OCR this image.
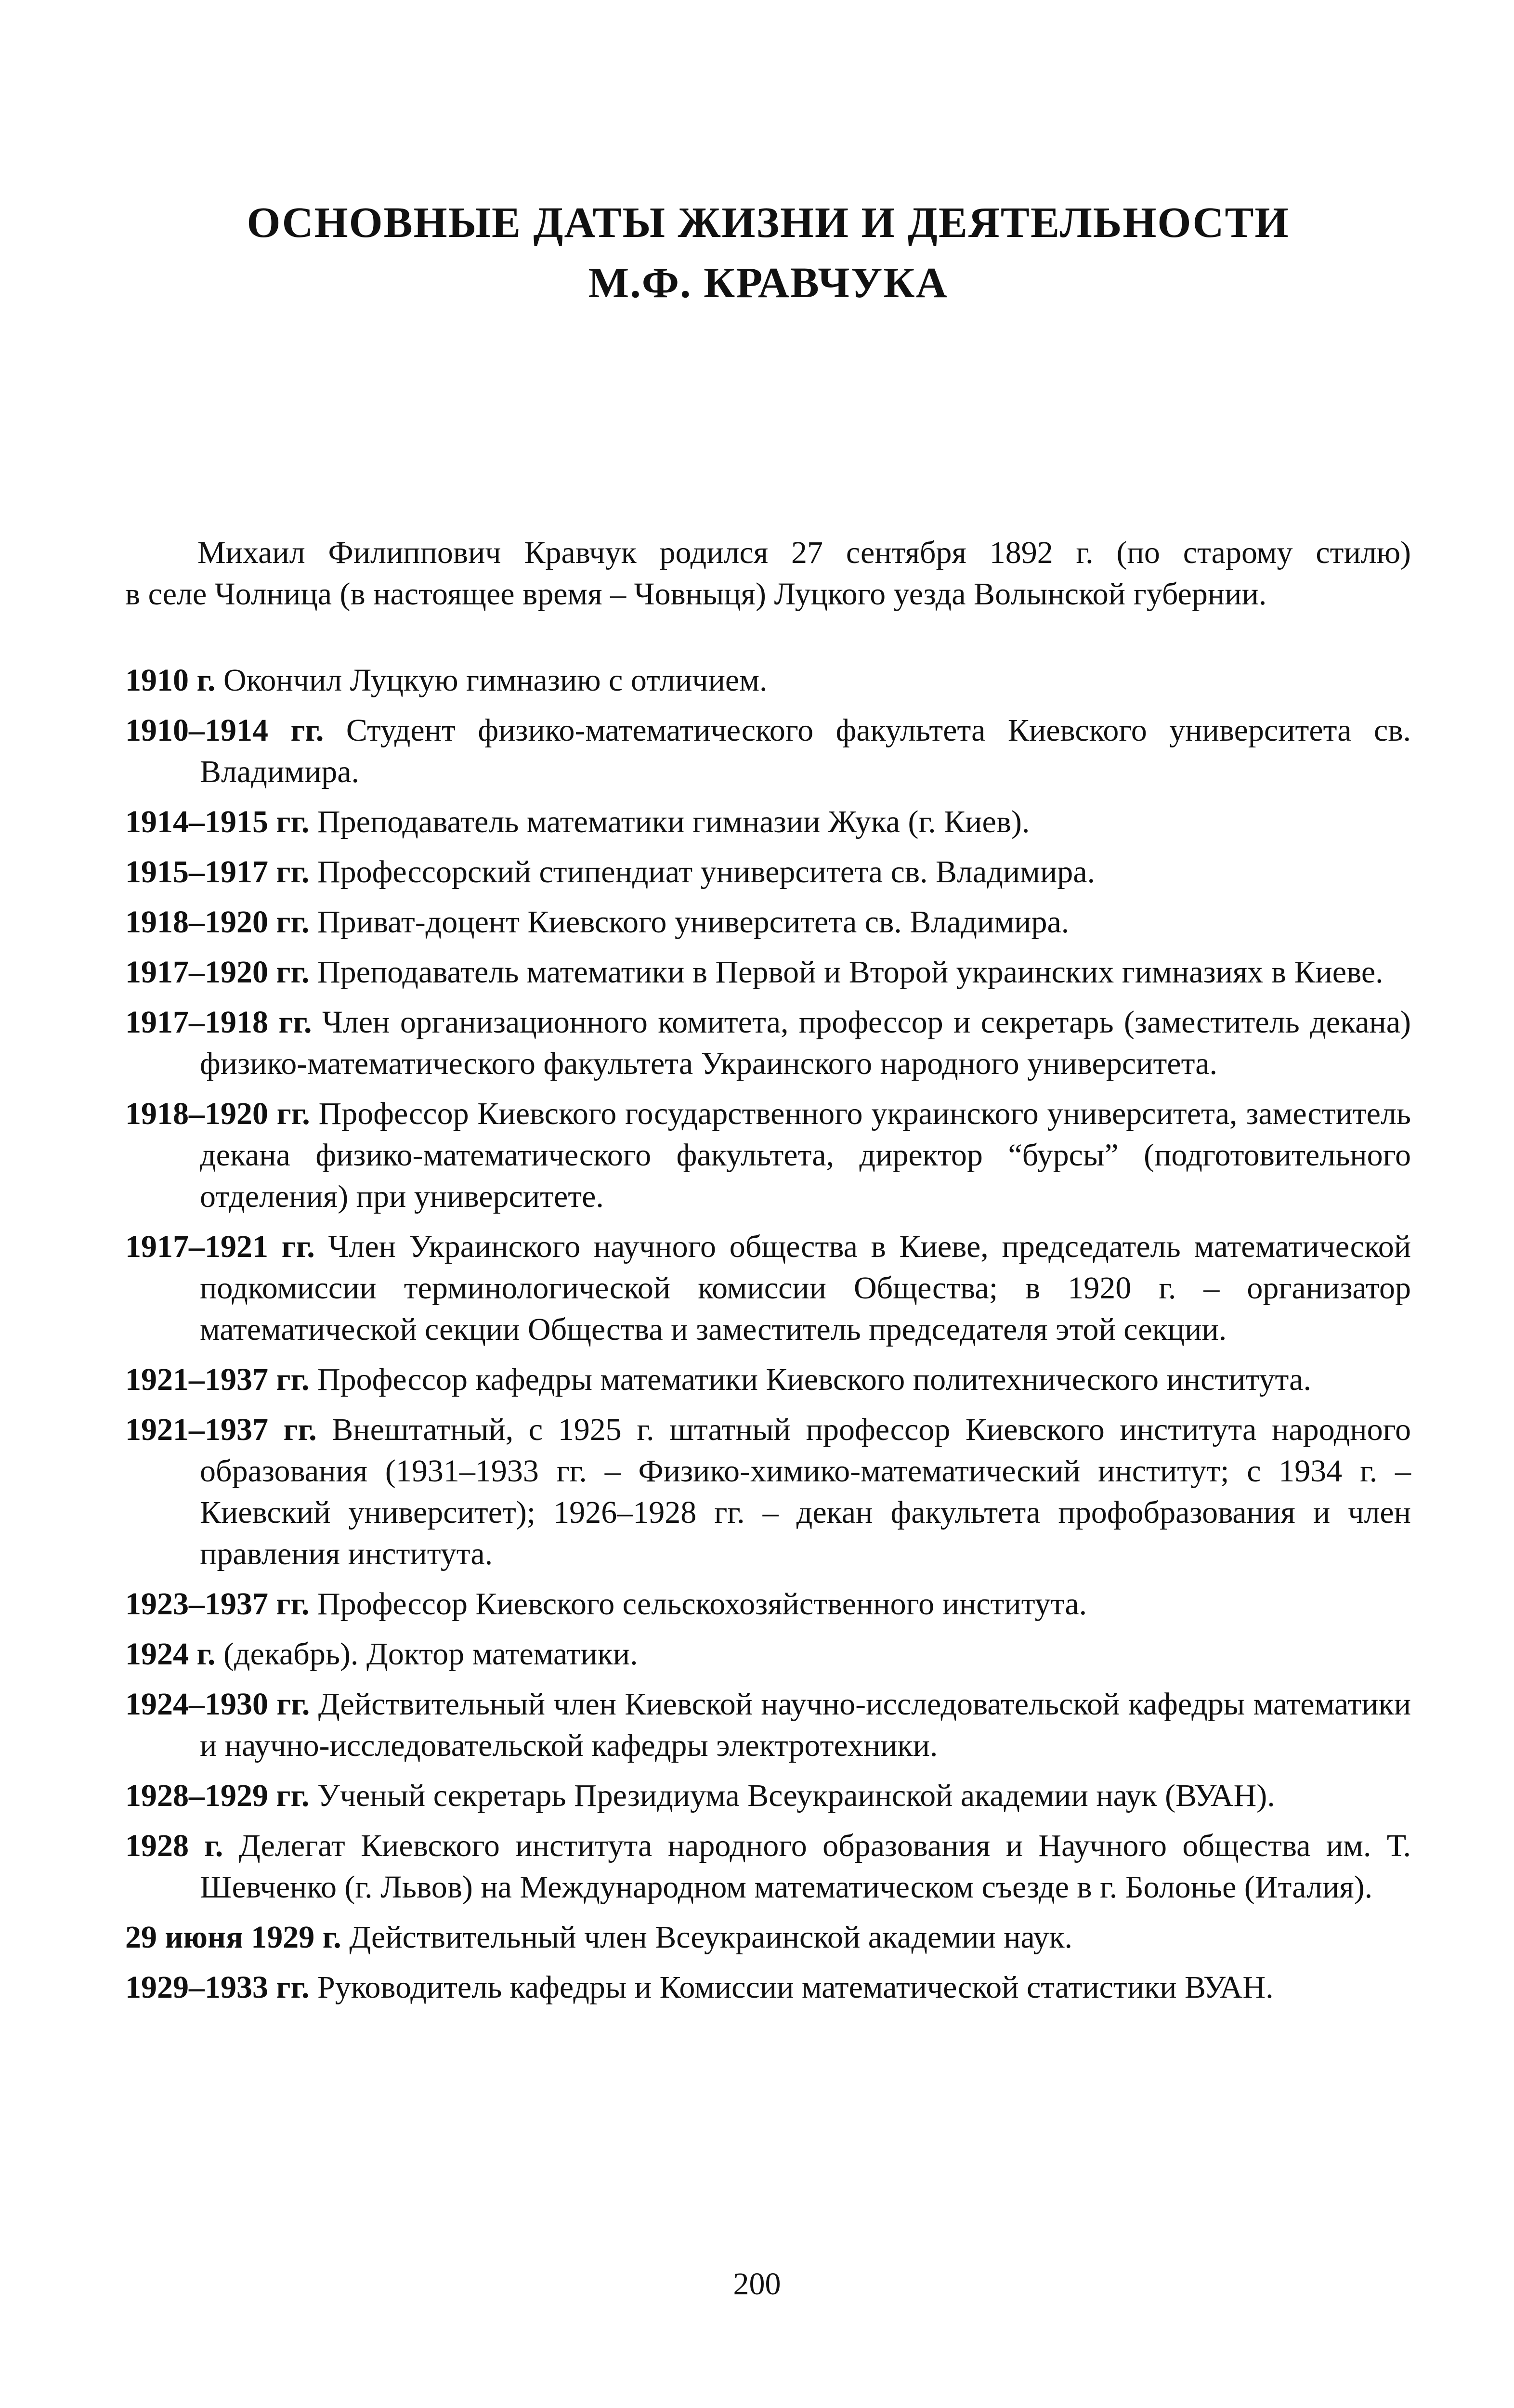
ОСНОВНЫЕ ДАТЫ ЖИЗНИ И ДЕЯТЕЛЬНОСТИ
М.Ф. КРАВЧУКА

Михаил Филиппович Кравчук родился 27 сентября 1892 г. (по старому стилю)
в селе Чолница (в настоящее время – Човныця) Луцкого уезда Волынской губернии.

1910 г. Окончил Луцкую гимназию с отличием.
1910–1914 гг. Студент физико-математического факультета Киевского университета св. Владимира.
1914–1915 гг. Преподаватель математики гимназии Жука (г. Киев).
1915–1917 гг. Профессорский стипендиат университета св. Владимира.
1918–1920 гг. Приват-доцент Киевского университета св. Владимира.
1917–1920 гг. Преподаватель математики в Первой и Второй украинских гимназиях в Киеве.
1917–1918 гг. Член организационного комитета, профессор и секретарь (заместитель декана) физико-математического факультета Украинского народного университета.
1918–1920 гг. Профессор Киевского государственного украинского университета, заместитель декана физико-математического факультета, директор “бурсы” (подготовительного отделения) при университете.
1917–1921 гг. Член Украинского научного общества в Киеве, председатель математической подкомиссии терминологической комиссии Общества; в 1920 г. – организатор математической секции Общества и заместитель председателя этой секции.
1921–1937 гг. Профессор кафедры математики Киевского политехнического института.
1921–1937 гг. Внештатный, с 1925 г. штатный профессор Киевского института народного образования (1931–1933 гг. – Физико-химико-математический институт; с 1934 г. – Киевский университет); 1926–1928 гг. – декан факультета профобразования и член правления института.
1923–1937 гг. Профессор Киевского сельскохозяйственного института.
1924 г. (декабрь). Доктор математики.
1924–1930 гг. Действительный член Киевской научно-исследовательской кафедры математики и научно-исследовательской кафедры электротехники.
1928–1929 гг. Ученый секретарь Президиума Всеукраинской академии наук (ВУАН).
1928 г. Делегат Киевского института народного образования и Научного общества им. Т. Шевченко (г. Львов) на Международном математическом съезде в г. Болонье (Италия).
29 июня 1929 г. Действительный член Всеукраинской академии наук.
1929–1933 гг. Руководитель кафедры и Комиссии математической статистики ВУАН.
200
